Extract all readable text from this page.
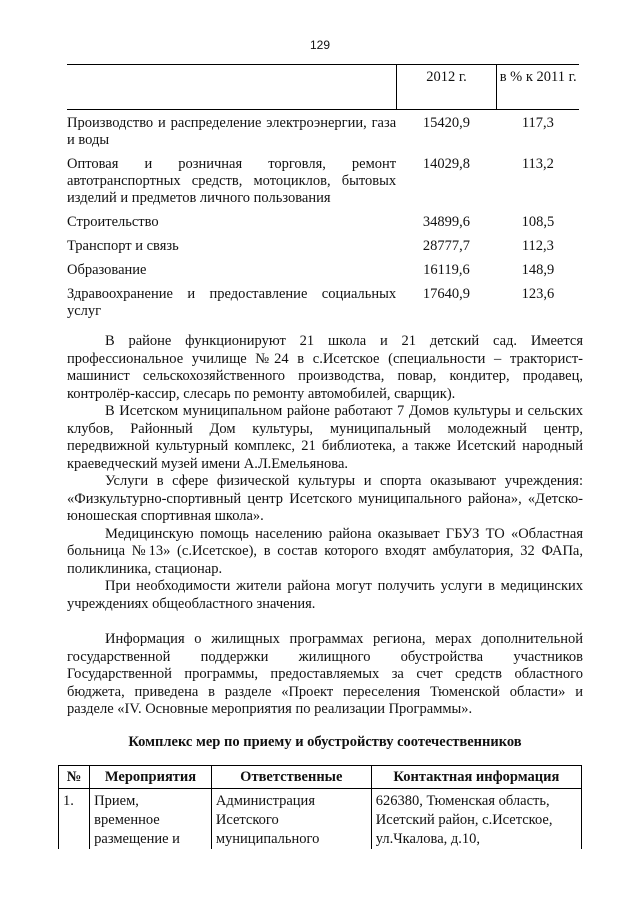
129
	2012 г.	в % к 2011 г.
Производство и распределение электроэнергии, газа и воды	15420,9	117,3
Оптовая и розничная торговля, ремонт автотранспортных средств, мотоциклов, бытовых изделий и предметов личного пользования	14029,8	113,2
Строительство	34899,6	108,5
Транспорт и связь	28777,7	112,3
Образование	16119,6	148,9
Здравоохранение и предоставление социальных услуг	17640,9	123,6

В районе функционируют 21 школа и 21 детский сад. Имеется профессиональное училище №24 в с.Исетское (специальности – тракторист-машинист сельскохозяйственного производства, повар, кондитер, продавец, контролёр-кассир, слесарь по ремонту автомобилей, сварщик).

В Исетском муниципальном районе работают 7 Домов культуры и сельских клубов, Районный Дом культуры, муниципальный молодежный центр, передвижной культурный комплекс, 21 библиотека, а также Исетский народный краеведческий музей имени А.Л.Емельянова.

Услуги в сфере физической культуры и спорта оказывают учреждения: «Физкультурно-спортивный центр Исетского муниципального района», «Детско-юношеская спортивная школа».

Медицинскую помощь населению района оказывает ГБУЗ ТО «Областная больница №13» (с.Исетское), в состав которого входят амбулатория, 32 ФАПа, поликлиника, стационар.

При необходимости жители района могут получить услуги в медицинских учреждениях общеобластного значения.

Информация о жилищных программах региона, мерах дополнительной государственной поддержки жилищного обустройства участников Государственной программы, предоставляемых за счет средств областного бюджета, приведена в разделе «Проект переселения Тюменской области» и разделе «IV. Основные мероприятия по реализации Программы».

Комплекс мер по приему и обустройству соотечественников
№	Мероприятия	Ответственные	Контактная информация
1.	Прием, временное размещение и	Администрация Исетского муниципального	626380, Тюменская область, Исетский район, с.Исетское, ул.Чкалова, д.10,
